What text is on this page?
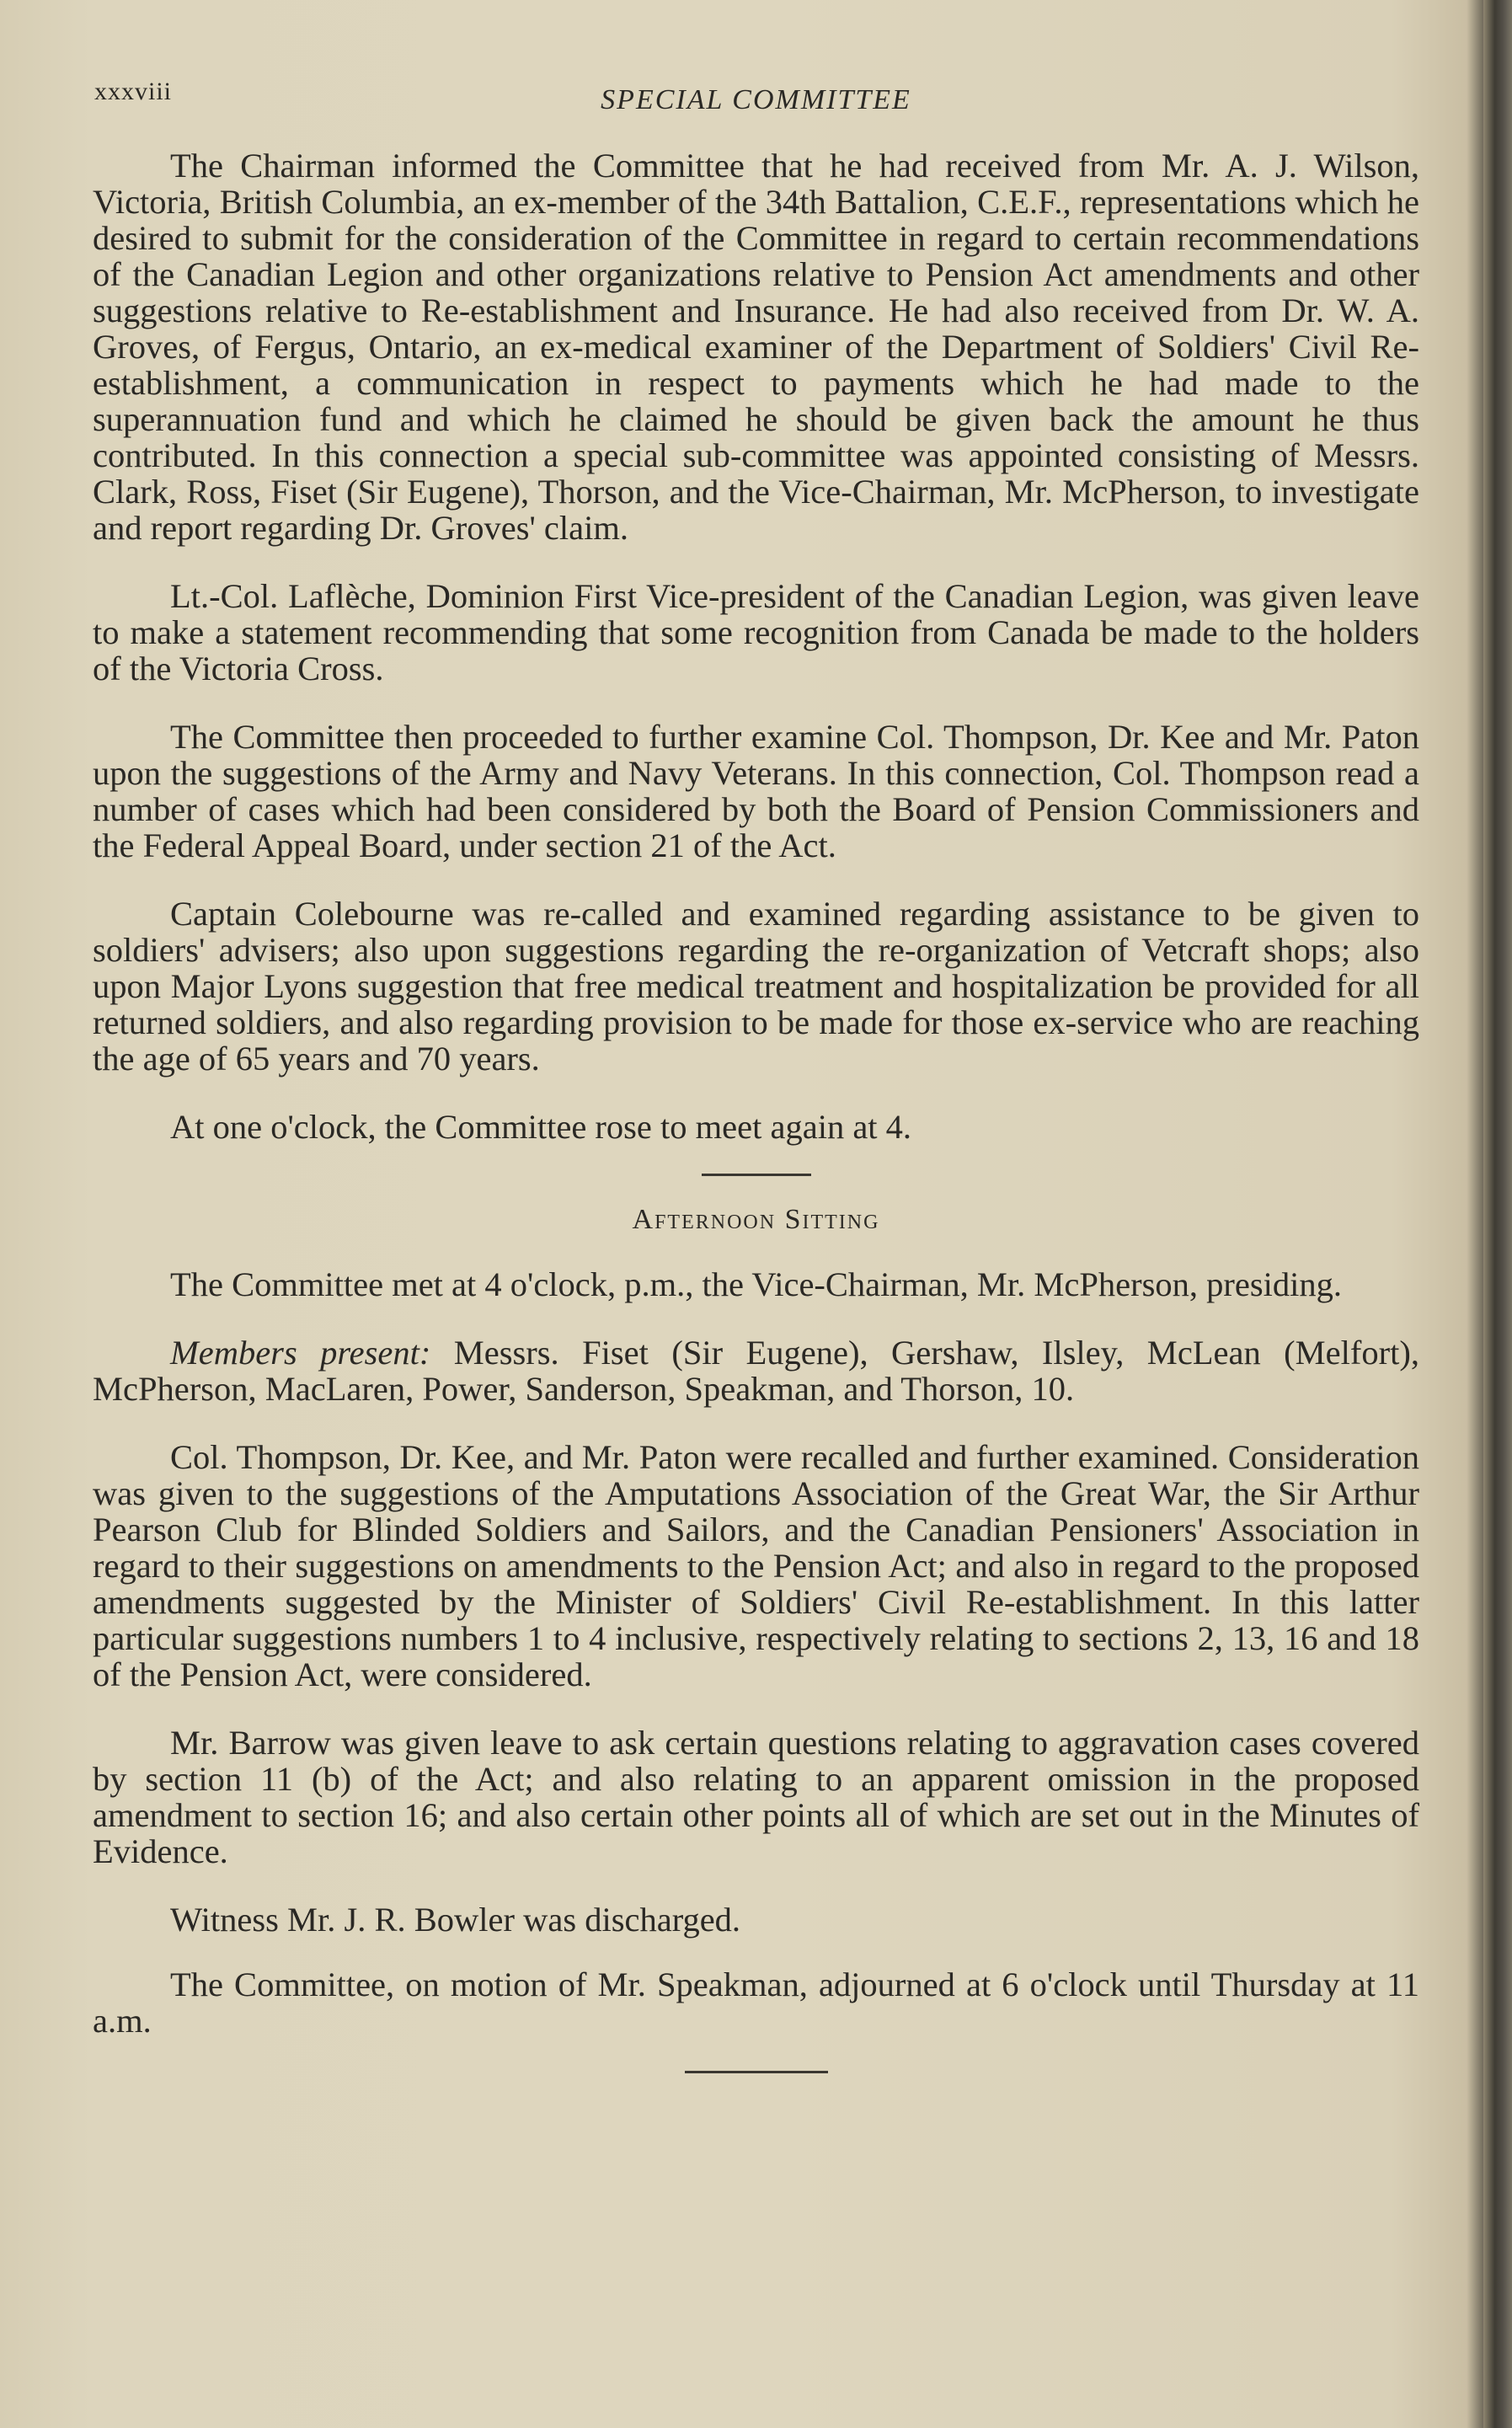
xxxviii	SPECIAL COMMITTEE

The Chairman informed the Committee that he had received from Mr. A. J. Wilson, Victoria, British Columbia, an ex-member of the 34th Battalion, C.E.F., representations which he desired to submit for the consideration of the Committee in regard to certain recommendations of the Canadian Legion and other organizations relative to Pension Act amendments and other suggestions relative to Re-establishment and Insurance. He had also received from Dr. W. A. Groves, of Fergus, Ontario, an ex-medical examiner of the Department of Soldiers' Civil Re-establishment, a communication in respect to payments which he had made to the superannuation fund and which he claimed he should be given back the amount he thus contributed. In this connection a special sub-committee was appointed consisting of Messrs. Clark, Ross, Fiset (Sir Eugene), Thorson, and the Vice-Chairman, Mr. McPherson, to investigate and report regarding Dr. Groves' claim.

Lt.-Col. Laflèche, Dominion First Vice-president of the Canadian Legion, was given leave to make a statement recommending that some recognition from Canada be made to the holders of the Victoria Cross.

The Committee then proceeded to further examine Col. Thompson, Dr. Kee and Mr. Paton upon the suggestions of the Army and Navy Veterans. In this connection, Col. Thompson read a number of cases which had been considered by both the Board of Pension Commissioners and the Federal Appeal Board, under section 21 of the Act.

Captain Colebourne was re-called and examined regarding assistance to be given to soldiers' advisers; also upon suggestions regarding the re-organization of Vetcraft shops; also upon Major Lyons suggestion that free medical treatment and hospitalization be provided for all returned soldiers, and also regarding provision to be made for those ex-service who are reaching the age of 65 years and 70 years.

At one o'clock, the Committee rose to meet again at 4.

Afternoon Sitting

The Committee met at 4 o'clock, p.m., the Vice-Chairman, Mr. McPherson, presiding.

Members present: Messrs. Fiset (Sir Eugene), Gershaw, Ilsley, McLean (Melfort), McPherson, MacLaren, Power, Sanderson, Speakman, and Thorson, 10.

Col. Thompson, Dr. Kee, and Mr. Paton were recalled and further examined. Consideration was given to the suggestions of the Amputations Association of the Great War, the Sir Arthur Pearson Club for Blinded Soldiers and Sailors, and the Canadian Pensioners' Association in regard to their suggestions on amendments to the Pension Act; and also in regard to the proposed amendments suggested by the Minister of Soldiers' Civil Re-establishment. In this latter particular suggestions numbers 1 to 4 inclusive, respectively relating to sections 2, 13, 16 and 18 of the Pension Act, were considered.

Mr. Barrow was given leave to ask certain questions relating to aggravation cases covered by section 11 (b) of the Act; and also relating to an apparent omission in the proposed amendment to section 16; and also certain other points all of which are set out in the Minutes of Evidence.

Witness Mr. J. R. Bowler was discharged.

The Committee, on motion of Mr. Speakman, adjourned at 6 o'clock until Thursday at 11 a.m.
